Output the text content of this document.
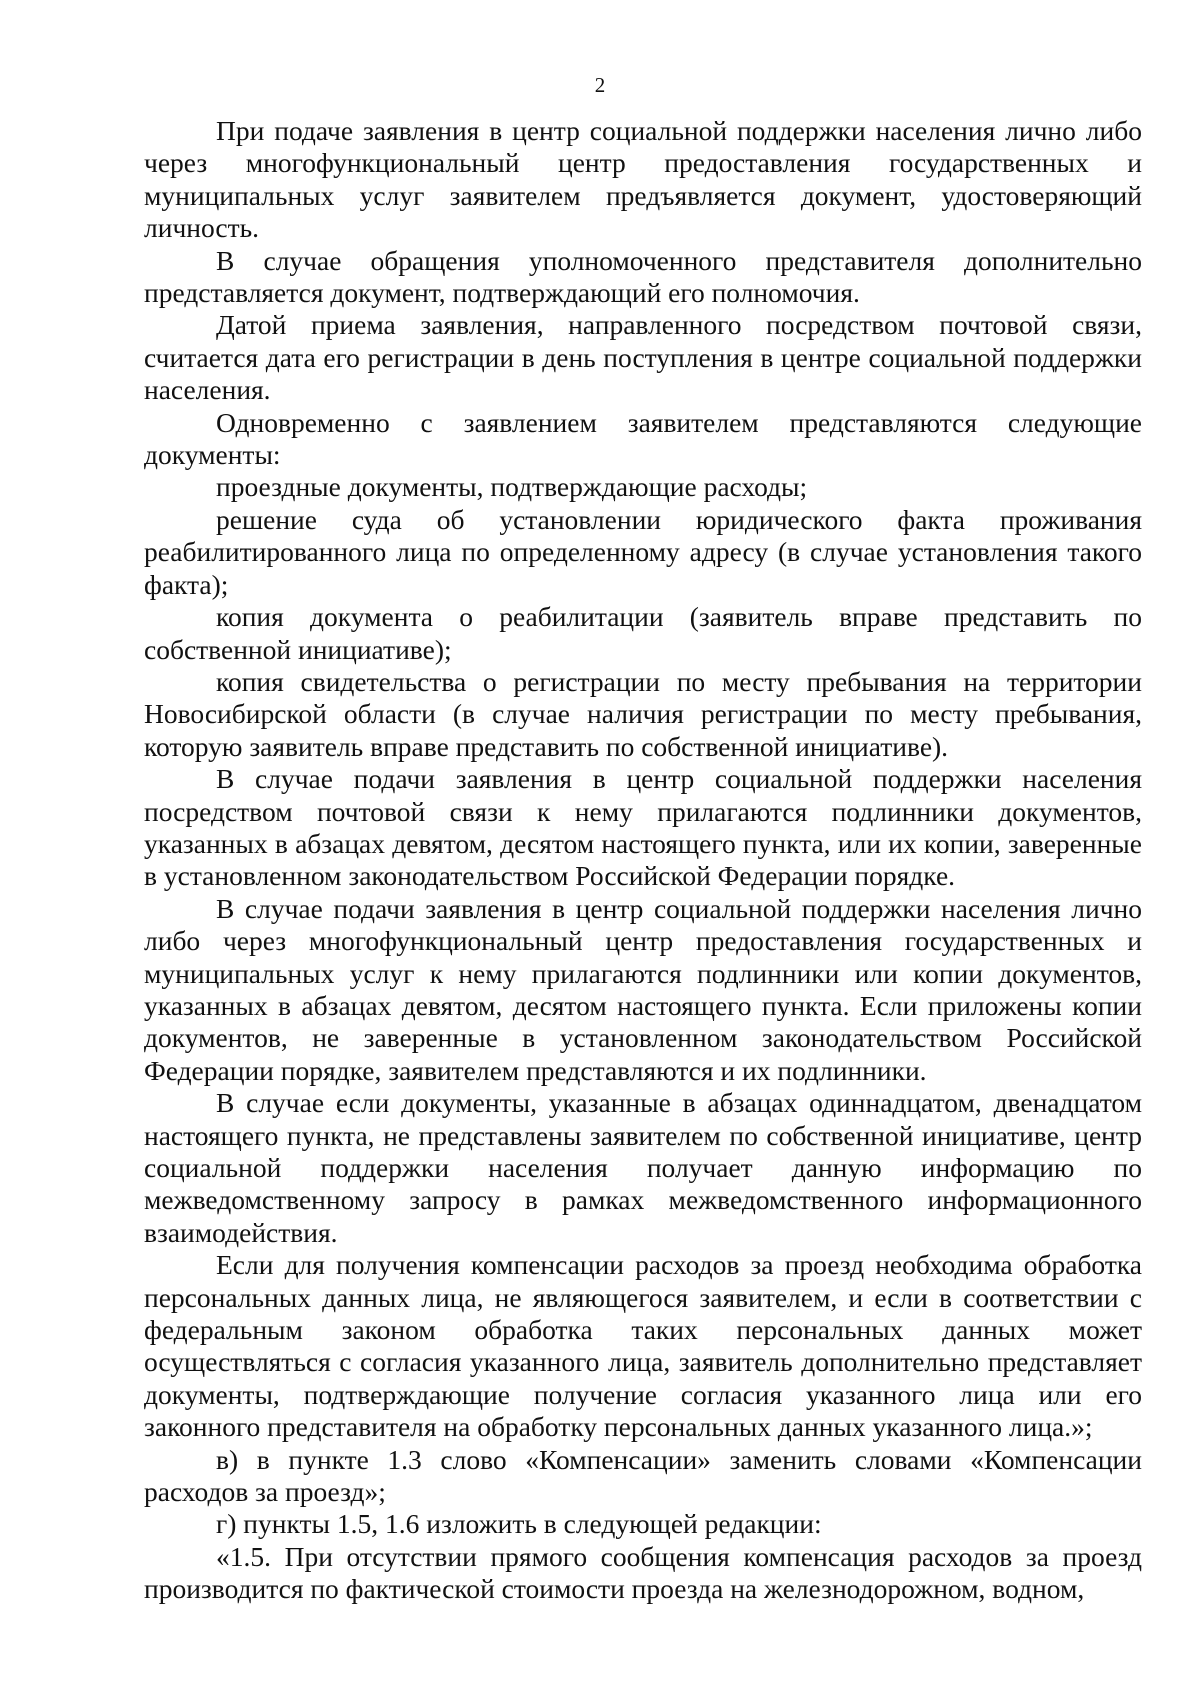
2

При подаче заявления в центр социальной поддержки населения лично либо через многофункциональный центр предоставления государственных и муниципальных услуг заявителем предъявляется документ, удостоверяющий личность.

В случае обращения уполномоченного представителя дополнительно представляется документ, подтверждающий его полномочия.

Датой приема заявления, направленного посредством почтовой связи, считается дата его регистрации в день поступления в центре социальной поддержки населения.

Одновременно с заявлением заявителем представляются следующие документы:

проездные документы, подтверждающие расходы;

решение суда об установлении юридического факта проживания реабилитированного лица по определенному адресу (в случае установления такого факта);

копия документа о реабилитации (заявитель вправе представить по собственной инициативе);

копия свидетельства о регистрации по месту пребывания на территории Новосибирской области (в случае наличия регистрации по месту пребывания, которую заявитель вправе представить по собственной инициативе).

В случае подачи заявления в центр социальной поддержки населения посредством почтовой связи к нему прилагаются подлинники документов, указанных в абзацах девятом, десятом настоящего пункта, или их копии, заверенные в установленном законодательством Российской Федерации порядке.

В случае подачи заявления в центр социальной поддержки населения лично либо через многофункциональный центр предоставления государственных и муниципальных услуг к нему прилагаются подлинники или копии документов, указанных в абзацах девятом, десятом настоящего пункта. Если приложены копии документов, не заверенные в установленном законодательством Российской Федерации порядке, заявителем представляются и их подлинники.

В случае если документы, указанные в абзацах одиннадцатом, двенадцатом настоящего пункта, не представлены заявителем по собственной инициативе, центр социальной поддержки населения получает данную информацию по межведомственному запросу в рамках межведомственного информационного взаимодействия.

Если для получения компенсации расходов за проезд необходима обработка персональных данных лица, не являющегося заявителем, и если в соответствии с федеральным законом обработка таких персональных данных может осуществляться с согласия указанного лица, заявитель дополнительно представляет документы, подтверждающие получение согласия указанного лица или его законного представителя на обработку персональных данных указанного лица.»;

в) в пункте 1.3 слово «Компенсации» заменить словами «Компенсации расходов за проезд»;

г) пункты 1.5, 1.6 изложить в следующей редакции:

«1.5. При отсутствии прямого сообщения компенсация расходов за проезд производится по фактической стоимости проезда на железнодорожном, водном,
